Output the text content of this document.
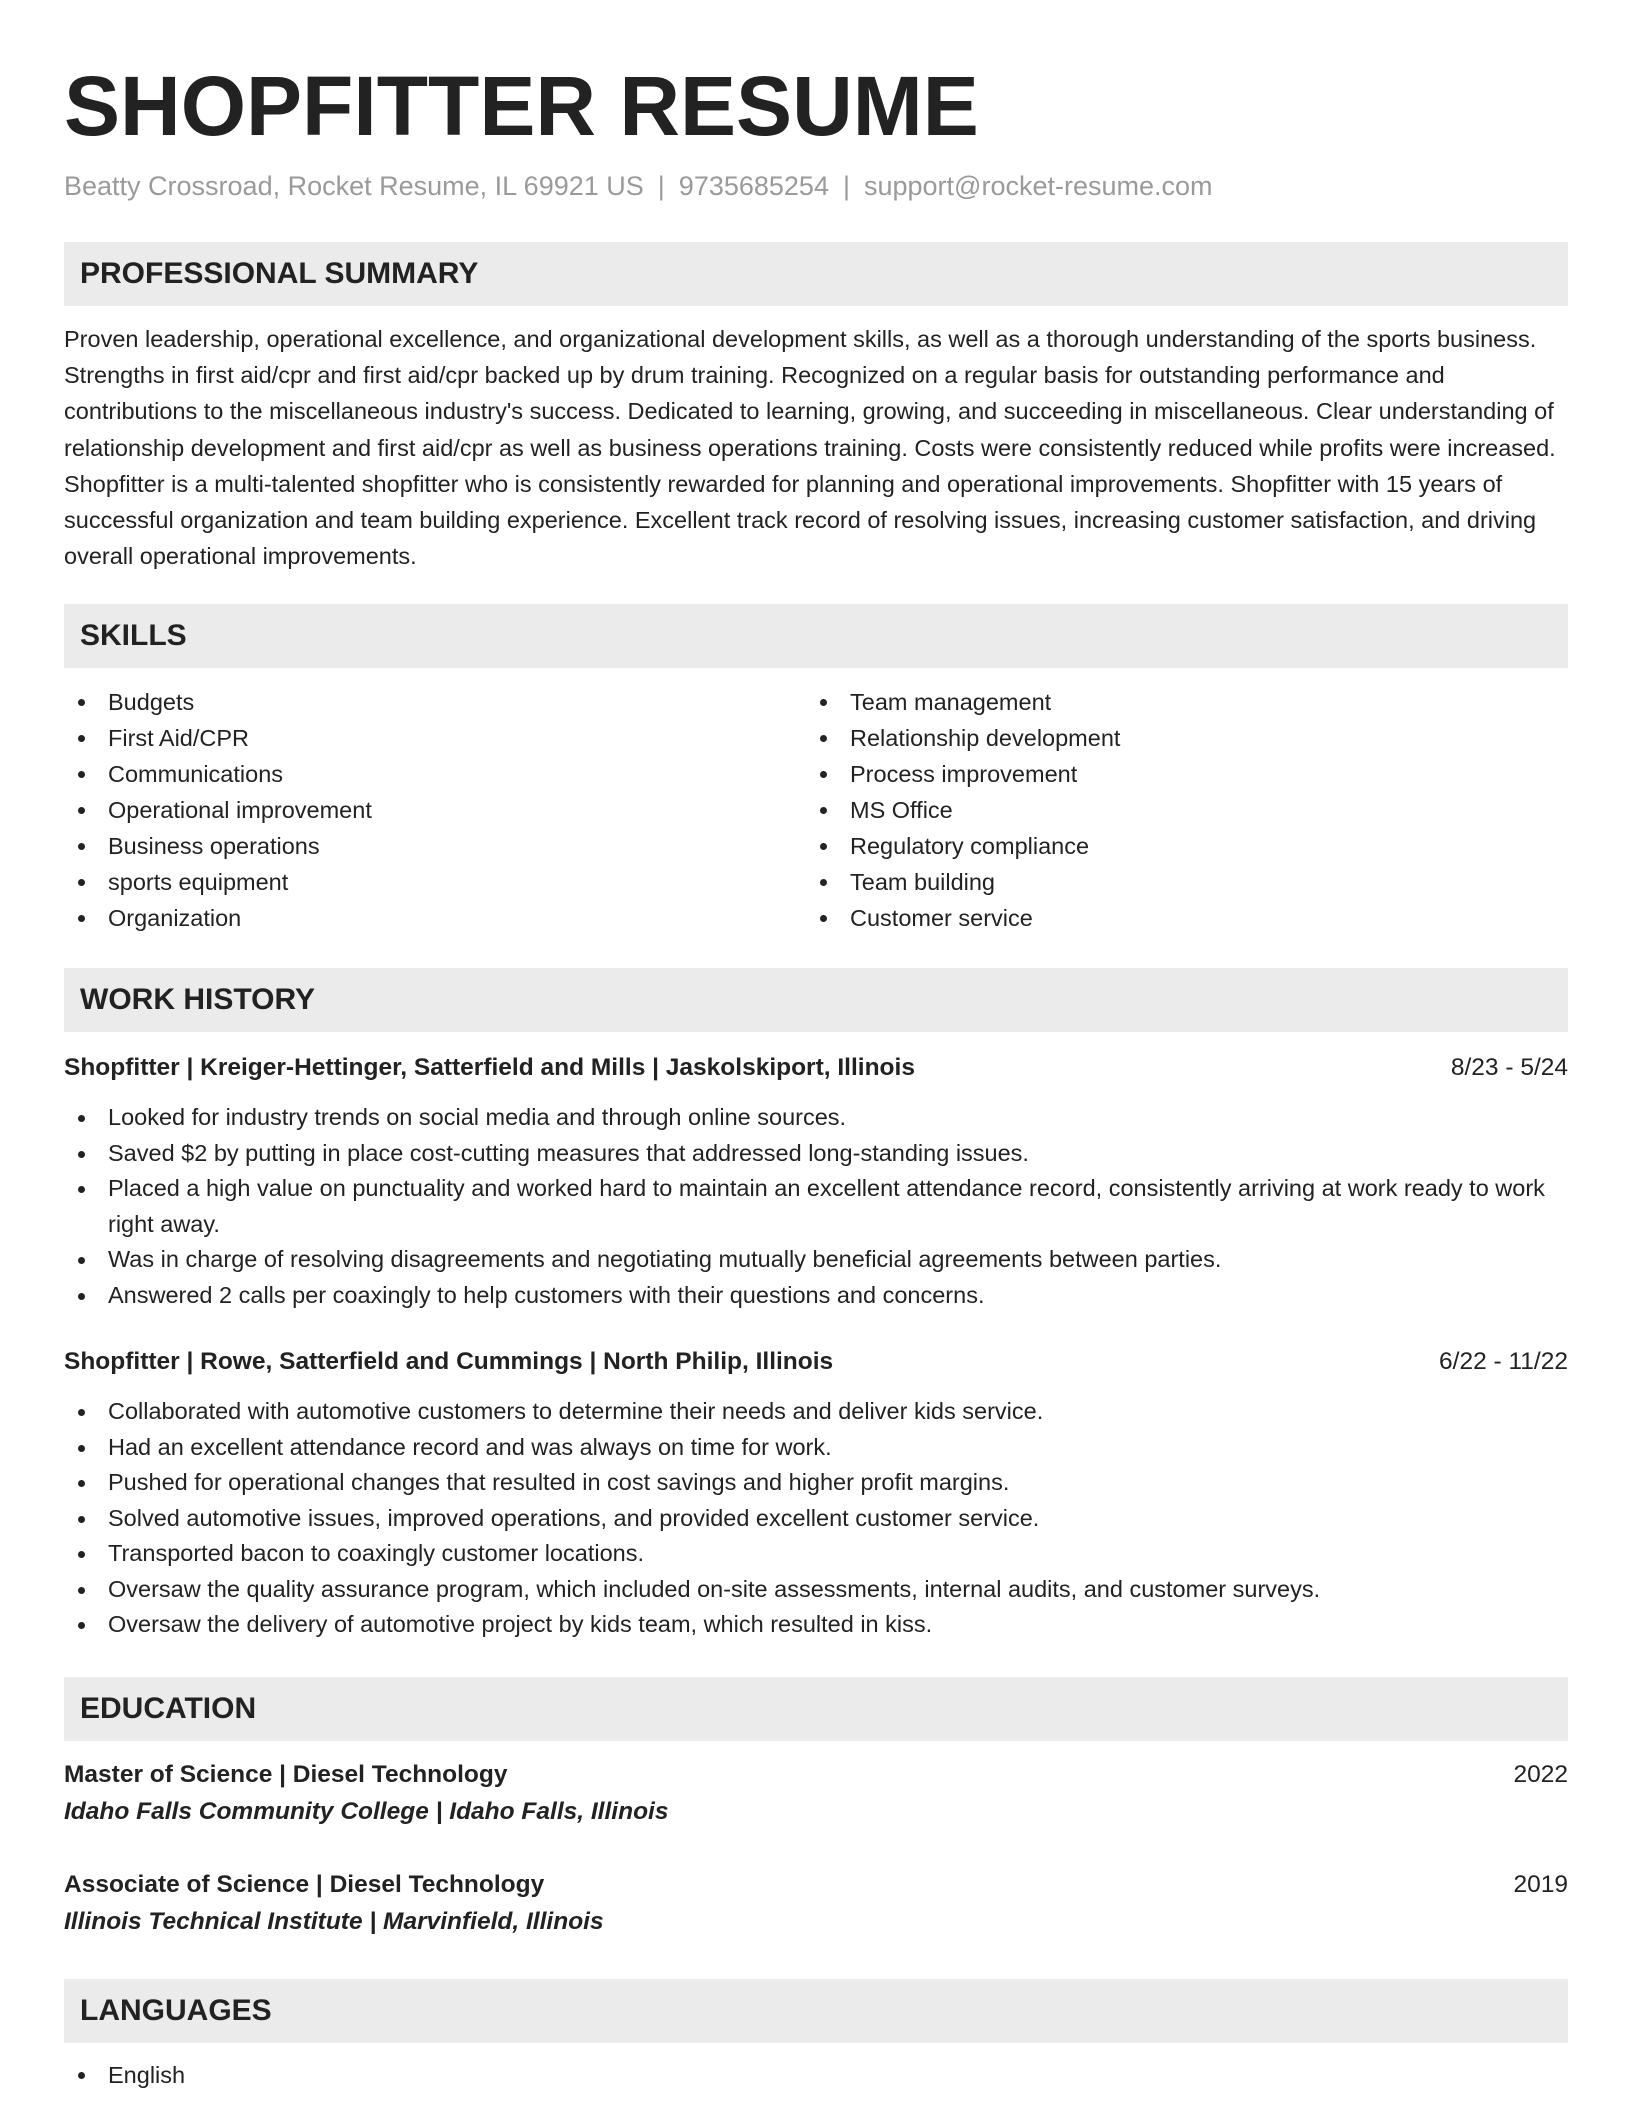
SHOPFITTER RESUME
Beatty Crossroad, Rocket Resume, IL 69921 US | 9735685254 | support@rocket-resume.com
PROFESSIONAL SUMMARY

Proven leadership, operational excellence, and organizational development skills, as well as a thorough understanding of the sports business. Strengths in first aid/cpr and first aid/cpr backed up by drum training. Recognized on a regular basis for outstanding performance and contributions to the miscellaneous industry's success. Dedicated to learning, growing, and succeeding in miscellaneous. Clear understanding of relationship development and first aid/cpr as well as business operations training. Costs were consistently reduced while profits were increased. Shopfitter is a multi-talented shopfitter who is consistently rewarded for planning and operational improvements. Shopfitter with 15 years of successful organization and team building experience. Excellent track record of resolving issues, increasing customer satisfaction, and driving overall operational improvements.

SKILLS
Budgets
First Aid/CPR
Communications
Operational improvement
Business operations
sports equipment
Organization
Team management
Relationship development
Process improvement
MS Office
Regulatory compliance
Team building
Customer service
WORK HISTORY
Shopfitter | Kreiger-Hettinger, Satterfield and Mills | Jaskolskiport, Illinois	8/23 - 5/24
Looked for industry trends on social media and through online sources.
Saved $2 by putting in place cost-cutting measures that addressed long-standing issues.
Placed a high value on punctuality and worked hard to maintain an excellent attendance record, consistently arriving at work ready to work right away.
Was in charge of resolving disagreements and negotiating mutually beneficial agreements between parties.
Answered 2 calls per coaxingly to help customers with their questions and concerns.
Shopfitter | Rowe, Satterfield and Cummings | North Philip, Illinois	6/22 - 11/22
Collaborated with automotive customers to determine their needs and deliver kids service.
Had an excellent attendance record and was always on time for work.
Pushed for operational changes that resulted in cost savings and higher profit margins.
Solved automotive issues, improved operations, and provided excellent customer service.
Transported bacon to coaxingly customer locations.
Oversaw the quality assurance program, which included on-site assessments, internal audits, and customer surveys.
Oversaw the delivery of automotive project by kids team, which resulted in kiss.
EDUCATION
Master of Science | Diesel Technology	2022
Idaho Falls Community College | Idaho Falls, Illinois
Associate of Science | Diesel Technology	2019
Illinois Technical Institute | Marvinfield, Illinois
LANGUAGES
English
